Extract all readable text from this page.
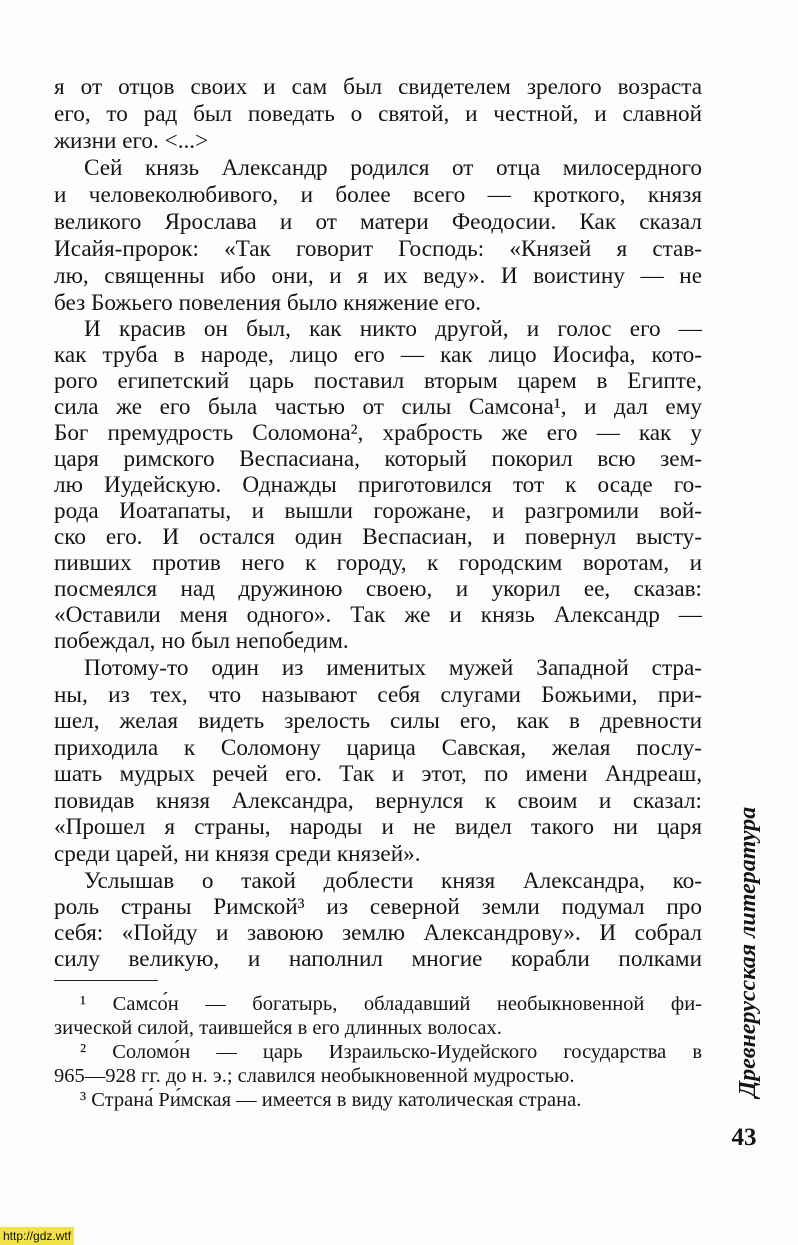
я от отцов своих и сам был свидетелем зрелого возраста
его, то рад был поведать о святой, и честной, и славной
жизни его. <...>
Сей князь Александр родился от отца милосердного
и человеколюбивого, и более всего — кроткого, князя
великого Ярослава и от матери Феодосии. Как сказал
Исайя-пророк: «Так говорит Господь: «Князей я став-
лю, священны ибо они, и я их веду». И воистину — не
без Божьего повеления было княжение его.
И красив он был, как никто другой, и голос его —
как труба в народе, лицо его — как лицо Иосифа, кото-
рого египетский царь поставил вторым царем в Египте,
сила же его была частью от силы Самсона¹, и дал ему
Бог премудрость Соломона², храбрость же его — как у
царя римского Веспасиана, который покорил всю зем-
лю Иудейскую. Однажды приготовился тот к осаде го-
рода Иоатапаты, и вышли горожане, и разгромили вой-
ско его. И остался один Веспасиан, и повернул высту-
пивших против него к городу, к городским воротам, и
посмеялся над дружиною своею, и укорил ее, сказав:
«Оставили меня одного». Так же и князь Александр —
побеждал, но был непобедим.
Потому-то один из именитых мужей Западной стра-
ны, из тех, что называют себя слугами Божьими, при-
шел, желая видеть зрелость силы его, как в древности
приходила к Соломону царица Савская, желая послу-
шать мудрых речей его. Так и этот, по имени Андреаш,
повидав князя Александра, вернулся к своим и сказал:
«Прошел я страны, народы и не видел такого ни царя
среди царей, ни князя среди князей».
Услышав о такой доблести князя Александра, ко-
роль страны Римской³ из северной земли подумал про
себя: «Пойду и завоюю землю Александрову». И собрал
силу великую, и наполнил многие корабли полками
¹ Самсо́н — богатырь, обладавший необыкновенной фи-
зической силой, таившейся в его длинных волосах.
² Соломо́н — царь Израильско-Иудейского государства в
965—928 гг. до н. э.; славился необыкновенной мудростью.
³ Страна́ Ри́мская — имеется в виду католическая страна.
Древнерусская литература
43
http://gdz.wtf
